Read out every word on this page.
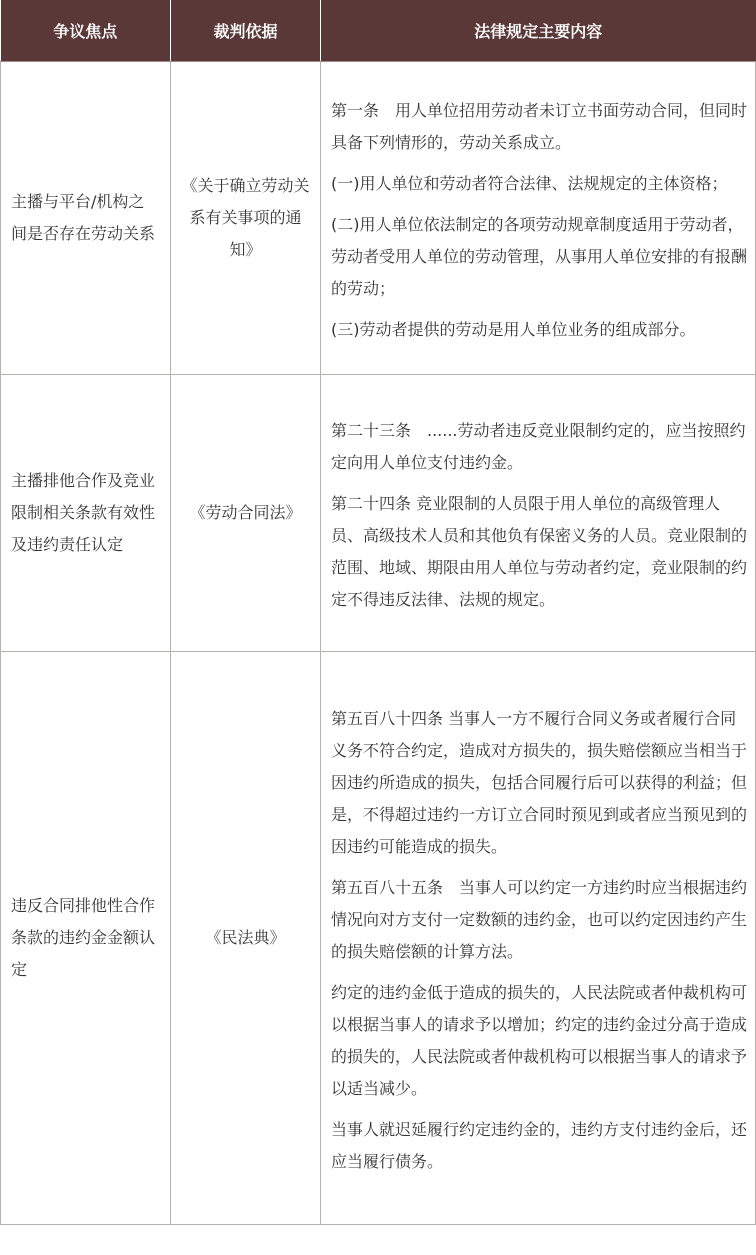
争议焦点	裁判依据	法律规定主要内容
主播与平台/机构之间是否存在劳动关系	《关于确立劳动关系有关事项的通知》	第一条　用人单位招用劳动者未订立书面劳动合同，但同时具备下列情形的，劳动关系成立。

(一)用人单位和劳动者符合法律、法规规定的主体资格；

(二)用人单位依法制定的各项劳动规章制度适用于劳动者，劳动者受用人单位的劳动管理，从事用人单位安排的有报酬的劳动；

(三)劳动者提供的劳动是用人单位业务的组成部分。

主播排他合作及竞业限制相关条款有效性及违约责任认定	《劳动合同法》	第二十三条　......劳动者违反竞业限制约定的，应当按照约定向用人单位支付违约金。

第二十四条 竞业限制的人员限于用人单位的高级管理人员、高级技术人员和其他负有保密义务的人员。竞业限制的范围、地域、期限由用人单位与劳动者约定，竞业限制的约定不得违反法律、法规的规定。

违反合同排他性合作条款的违约金金额认定	《民法典》	第五百八十四条 当事人一方不履行合同义务或者履行合同义务不符合约定，造成对方损失的，损失赔偿额应当相当于因违约所造成的损失，包括合同履行后可以获得的利益；但是，不得超过违约一方订立合同时预见到或者应当预见到的因违约可能造成的损失。

第五百八十五条　当事人可以约定一方违约时应当根据违约情况向对方支付一定数额的违约金，也可以约定因违约产生的损失赔偿额的计算方法。

约定的违约金低于造成的损失的，人民法院或者仲裁机构可以根据当事人的请求予以增加；约定的违约金过分高于造成的损失的，人民法院或者仲裁机构可以根据当事人的请求予以适当减少。

当事人就迟延履行约定违约金的，违约方支付违约金后，还应当履行债务。
